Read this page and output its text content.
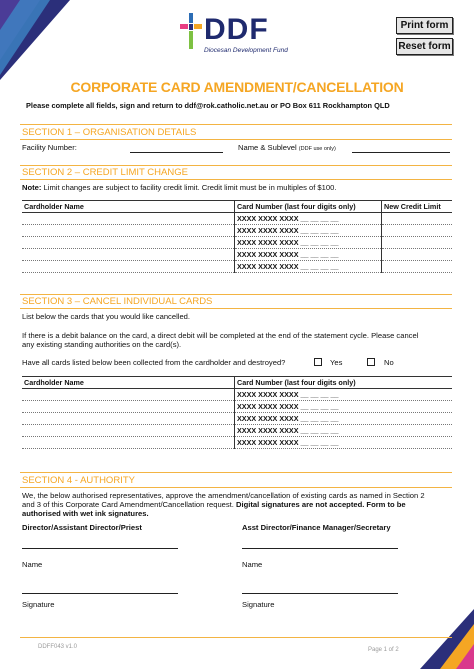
DDF
Diocesan Development Fund
Print form
Reset form
CORPORATE CARD AMENDMENT/CANCELLATION
Please complete all fields, sign and return to ddf@rok.catholic.net.au or PO Box 611 Rockhampton QLD
SECTION 1 – ORGANISATION DETAILS
Facility Number:	Name & Sublevel (DDF use only)
SECTION 2 – CREDIT LIMIT CHANGE
Note: Limit changes are subject to facility credit limit. Credit limit must be in multiples of $100.
Cardholder Name	Card Number (last four digits only)	New Credit Limit
	XXXX XXXX XXXX __ __ __ __	
	XXXX XXXX XXXX __ __ __ __	
	XXXX XXXX XXXX __ __ __ __	
	XXXX XXXX XXXX __ __ __ __	
	XXXX XXXX XXXX __ __ __ __	
SECTION 3 – CANCEL INDIVIDUAL CARDS
List below the cards that you would like cancelled.
If there is a debit balance on the card, a direct debit will be completed at the end of the statement cycle. Please cancel
any existing standing authorities on the card(s).
Have all cards listed below been collected from the cardholder and destroyed?	Yes	No
Cardholder Name	Card Number (last four digits only)
	XXXX XXXX XXXX __ __ __ __
	XXXX XXXX XXXX __ __ __ __
	XXXX XXXX XXXX __ __ __ __
	XXXX XXXX XXXX __ __ __ __
	XXXX XXXX XXXX __ __ __ __
SECTION 4 - AUTHORITY
We, the below authorised representatives, approve the amendment/cancellation of existing cards as named in Section 2
and 3 of this Corporate Card Amendment/Cancellation request. Digital signatures are not accepted. Form to be
authorised with wet ink signatures.
Director/Assistant Director/Priest	Asst Director/Finance Manager/Secretary
Name	Name
Signature	Signature
DDFF043 v1.0	Page 1 of 2
